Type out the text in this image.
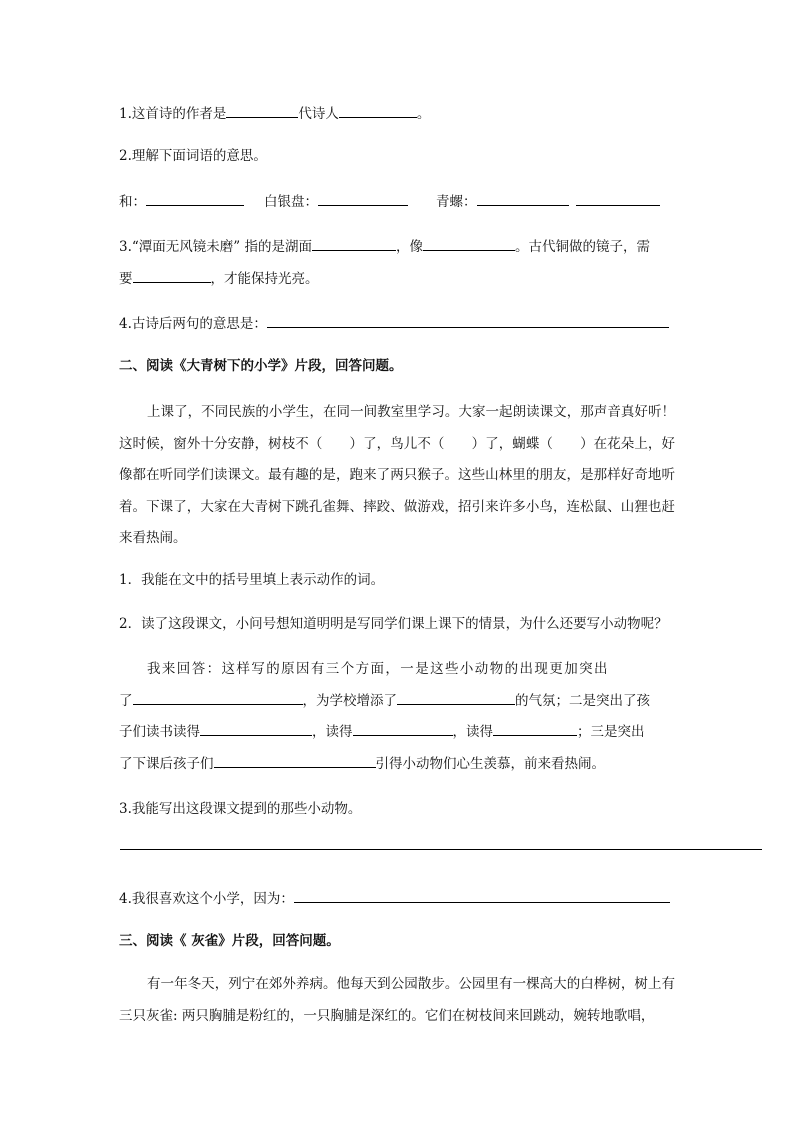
1.这首诗的作者是	代诗人	。
2.理解下面词语的意思。
和：	白银盘：	青螺：
3.“潭面无风镜未磨” 指的是湖面	，像	。古代铜做的镜子，需
要	，才能保持光亮。
4.古诗后两句的意思是：
二、阅读《大青树下的小学》片段，回答问题。
上课了，不同民族的小学生，在同一间教室里学习。大家一起朗读课文，那声音真好听！这时候，窗外十分安静，树枝不（　　）了，鸟儿不（　　）了，蝴蝶（　　）在花朵上，好像都在听同学们读课文。最有趣的是，跑来了两只猴子。这些山林里的朋友，是那样好奇地听着。下课了，大家在大青树下跳孔雀舞、摔跤、做游戏，招引来许多小鸟，连松鼠、山狸也赶来看热闹。
1．我能在文中的括号里填上表示动作的词。
2．读了这段课文，小问号想知道明明是写同学们课上课下的情景，为什么还要写小动物呢？
我来回答：这样写的原因有三个方面，一是这些小动物的出现更加突出
了	，为学校增添了	的气氛；二是突出了孩
子们读书读得	，读得	，读得	；三是突出
了下课后孩子们	引得小动物们心生羡慕，前来看热闹。
3.我能写出这段课文提到的那些小动物。
4.我很喜欢这个小学，因为：
三、阅读《 灰雀》片段，回答问题。
有一年冬天，列宁在郊外养病。他每天到公园散步。公园里有一棵高大的白桦树，树上有三只灰雀: 两只胸脯是粉红的，一只胸脯是深红的。它们在树枝间来回跳动，婉转地歌唱，
